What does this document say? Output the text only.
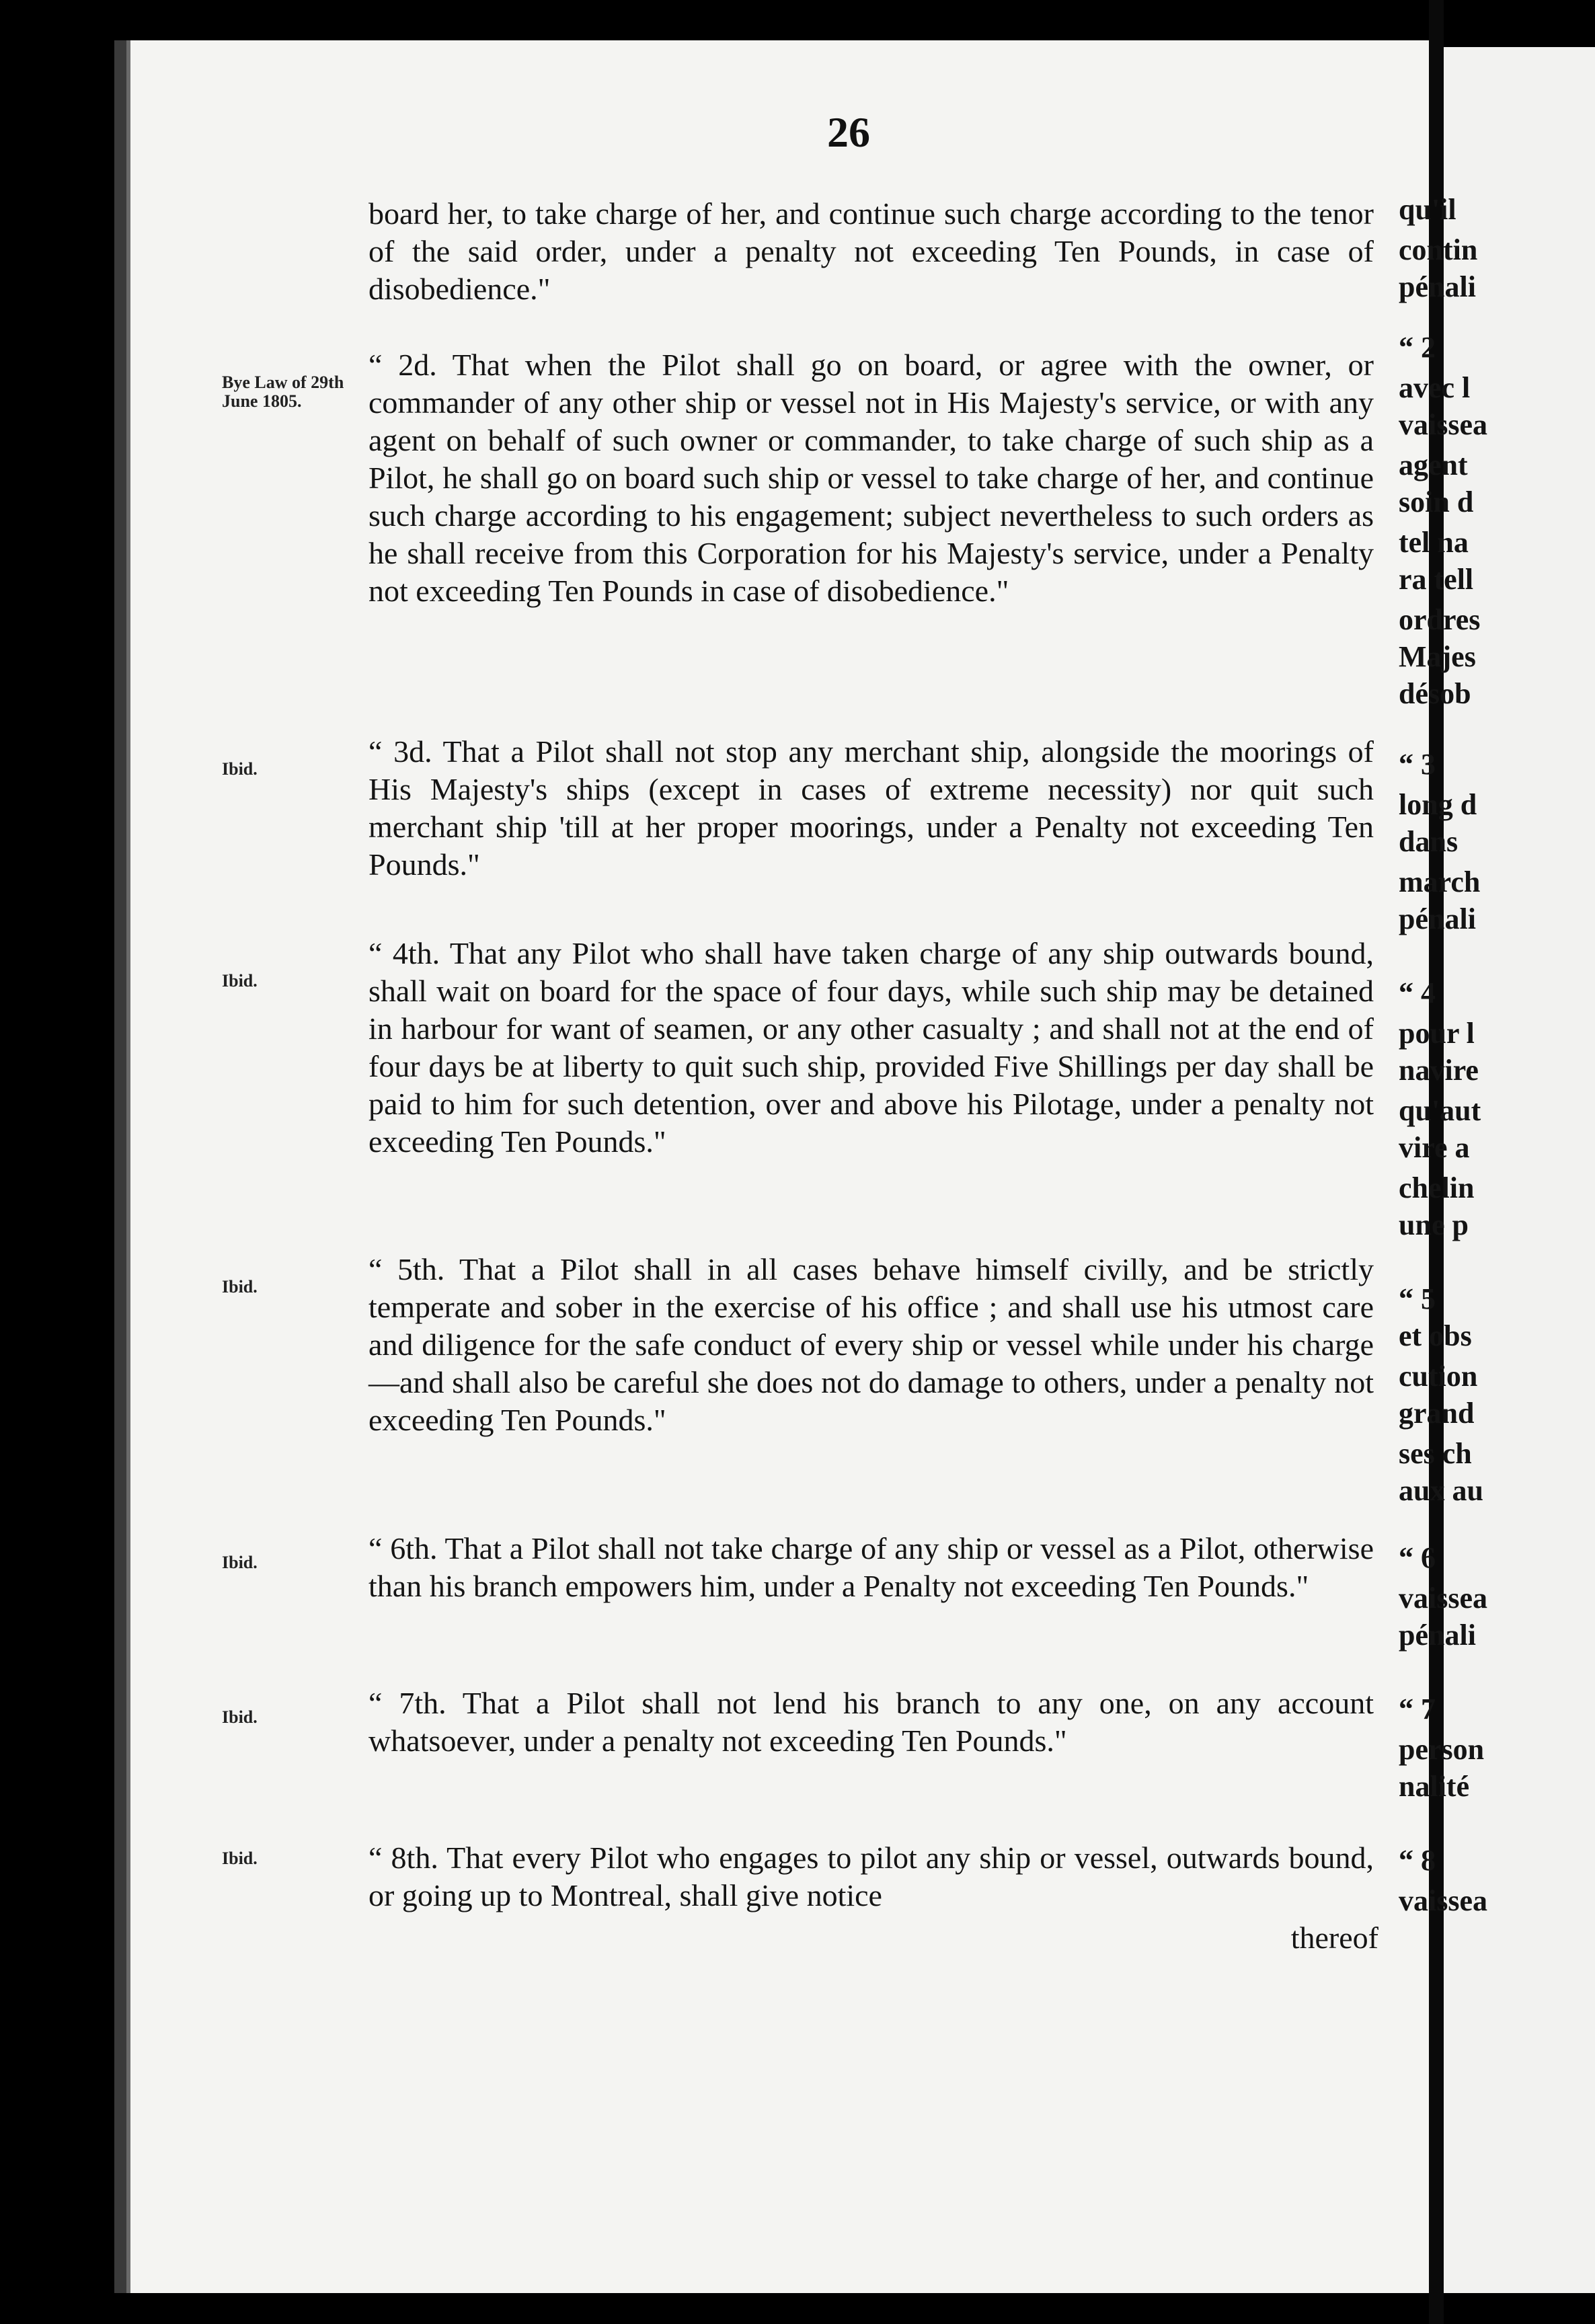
26

board her, to take charge of her, and continue such charge according to the tenor of the said order, under a penalty not exceeding Ten Pounds, in case of disobedience."

“ 2d. That when the Pilot shall go on board, or agree with the owner, or commander of any other ship or vessel not in His Majesty's service, or with any agent on behalf of such owner or commander, to take charge of such ship as a Pilot, he shall go on board such ship or vessel to take charge of her, and continue such charge according to his engagement; subject nevertheless to such orders as he shall receive from this Corporation for his Majesty's service, under a Penalty not exceeding Ten Pounds in case of disobedience."

“ 3d. That a Pilot shall not stop any merchant ship, alongside the moorings of His Majesty's ships (except in cases of extreme necessity) nor quit such merchant ship 'till at her proper moorings, under a Penalty not exceeding Ten Pounds."

“ 4th. That any Pilot who shall have taken charge of any ship outwards bound, shall wait on board for the space of four days, while such ship may be detained in harbour for want of seamen, or any other casualty ; and shall not at the end of four days be at liberty to quit such ship, provided Five Shillings per day shall be paid to him for such detention, over and above his Pilotage, under a penalty not exceeding Ten Pounds."

“ 5th. That a Pilot shall in all cases behave himself civilly, and be strictly temperate and sober in the exercise of his office ; and shall use his utmost care and diligence for the safe conduct of every ship or vessel while under his charge—and shall also be careful she does not do damage to others, under a penalty not exceeding Ten Pounds."

“ 6th. That a Pilot shall not take charge of any ship or vessel as a Pilot, otherwise than his branch empowers him, under a Penalty not exceeding Ten Pounds."

“ 7th. That a Pilot shall not lend his branch to any one, on any account whatsoever, under a penalty not exceeding Ten Pounds."

“ 8th. That every Pilot who engages to pilot any ship or vessel, outwards bound, or going up to Montreal, shall give notice

thereof
Bye Law of 29th June 1805.
Ibid.
Ibid.
Ibid.
Ibid.
Ibid.
Ibid.
qu'il
contin
pénali
“ 2
avec l
vaissea
agent
soin d
tel na
ra tell
ordres
Majes
désob
“ 3
long d
dans
march
pénali
“ 4
pour l
navire
qu'aut
vire a
chelin
une p
“ 5
et obs
cution
grand
ses ch
aux au
“ 6
vaissea
pénali
“ 7
person
nalité
“ 8
vaissea
